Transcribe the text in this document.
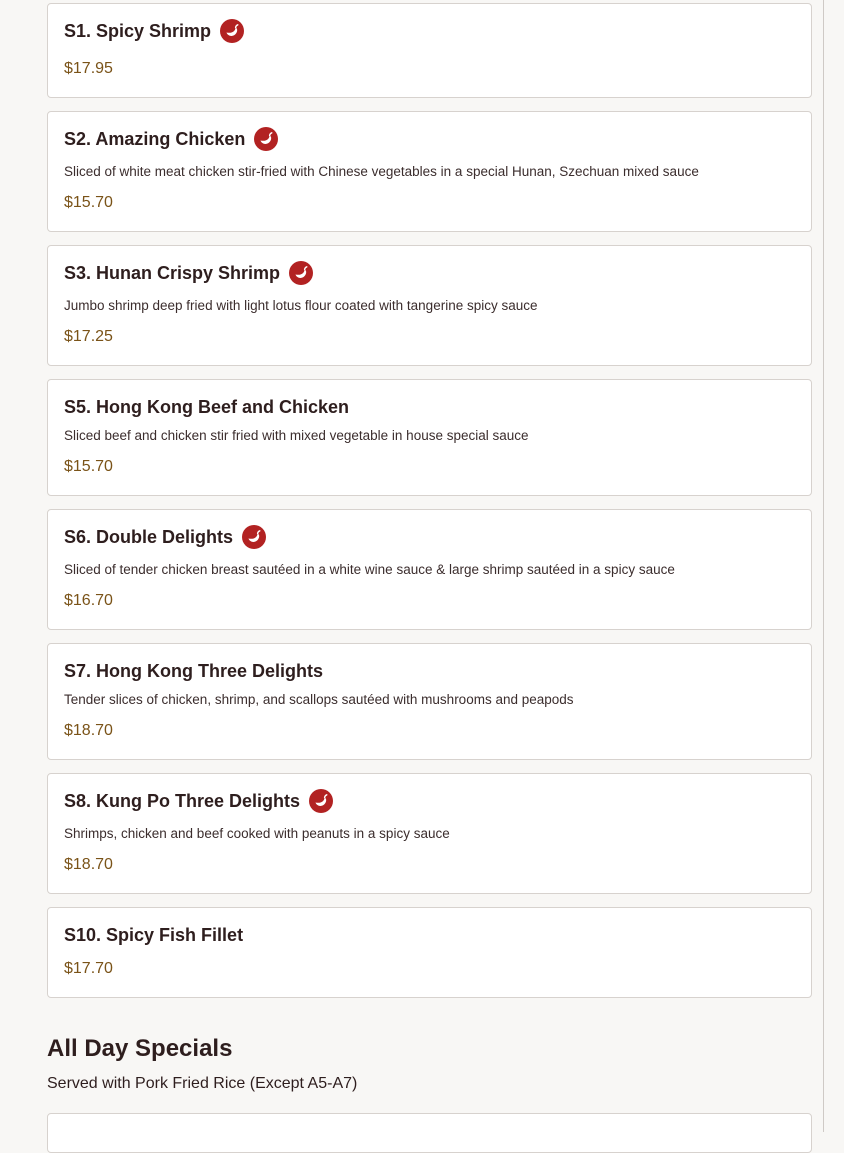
S1. Spicy Shrimp
$17.95
S2. Amazing Chicken
Sliced of white meat chicken stir-fried with Chinese vegetables in a special Hunan, Szechuan mixed sauce
$15.70
S3. Hunan Crispy Shrimp
Jumbo shrimp deep fried with light lotus flour coated with tangerine spicy sauce
$17.25
S5. Hong Kong Beef and Chicken
Sliced beef and chicken stir fried with mixed vegetable in house special sauce
$15.70
S6. Double Delights
Sliced of tender chicken breast sautéed in a white wine sauce & large shrimp sautéed in a spicy sauce
$16.70
S7. Hong Kong Three Delights
Tender slices of chicken, shrimp, and scallops sautéed with mushrooms and peapods
$18.70
S8. Kung Po Three Delights
Shrimps, chicken and beef cooked with peanuts in a spicy sauce
$18.70
S10. Spicy Fish Fillet
$17.70
All Day Specials
Served with Pork Fried Rice (Except A5-A7)
